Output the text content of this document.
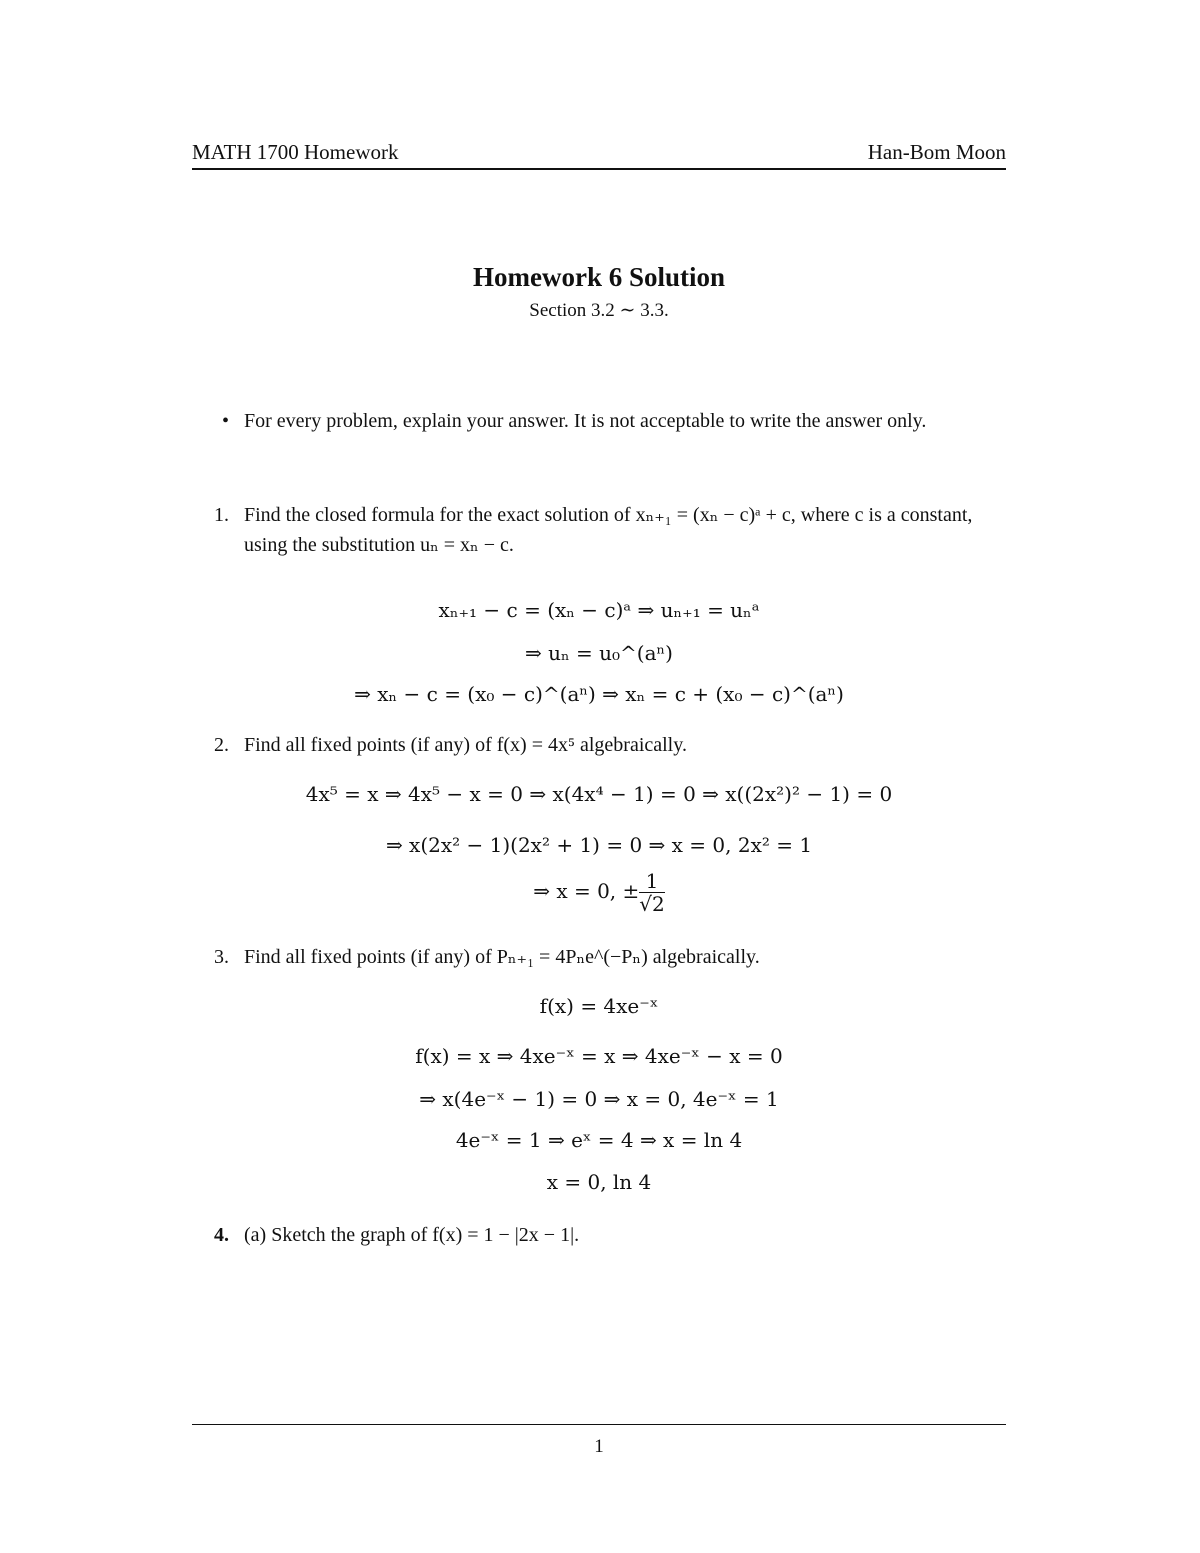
MATH 1700 Homework	Han-Bom Moon
Homework 6 Solution
Section 3.2 ∼ 3.3.
• For every problem, explain your answer. It is not acceptable to write the answer only.
1. Find the closed formula for the exact solution of xₙ₊₁ = (xₙ − c)ᵃ + c, where c is a constant, using the substitution uₙ = xₙ − c.
xₙ₊₁ − c = (xₙ − c)ᵃ ⇒ uₙ₊₁ = uₙᵃ
⇒ uₙ = u₀^(aⁿ)
⇒ xₙ − c = (x₀ − c)^(aⁿ) ⇒ xₙ = c + (x₀ − c)^(aⁿ)
2. Find all fixed points (if any) of f(x) = 4x⁵ algebraically.
4x⁵ = x ⇒ 4x⁵ − x = 0 ⇒ x(4x⁴ − 1) = 0 ⇒ x((2x²)² − 1) = 0
⇒ x(2x² − 1)(2x² + 1) = 0 ⇒ x = 0, 2x² = 1
⇒ x = 0, ± $\frac{1}{√2}$
3. Find all fixed points (if any) of Pₙ₊₁ = 4Pₙe^(−Pₙ) algebraically.
f(x) = 4xe⁻ˣ
f(x) = x ⇒ 4xe⁻ˣ = x ⇒ 4xe⁻ˣ − x = 0
⇒ x(4e⁻ˣ − 1) = 0 ⇒ x = 0, 4e⁻ˣ = 1
4e⁻ˣ = 1 ⇒ eˣ = 4 ⇒ x = ln 4
x = 0, ln 4
4. (a) Sketch the graph of f(x) = 1 − |2x − 1|.
1
